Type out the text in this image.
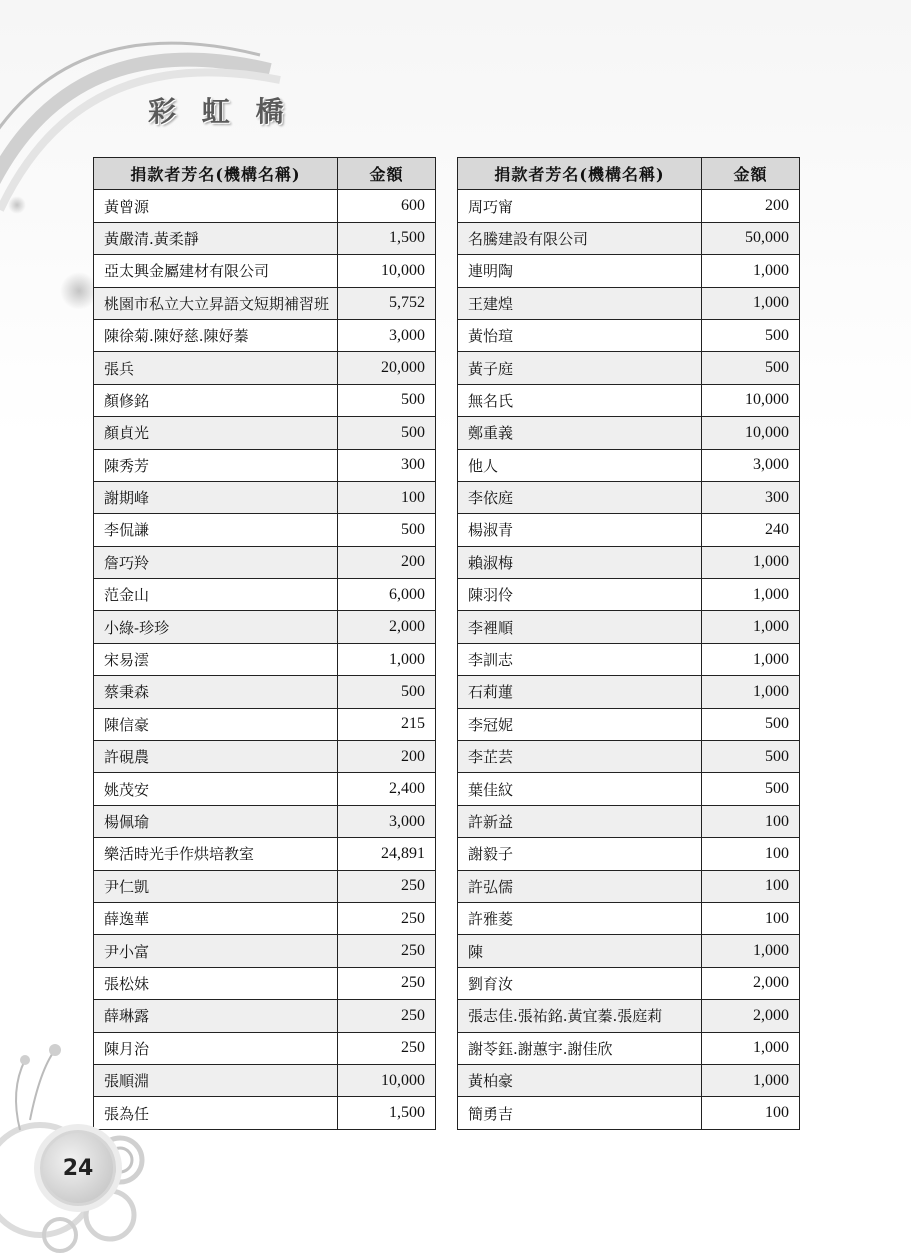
彩 虹 橋
捐款者芳名(機構名稱)	金額
黃曾源	600
黃嚴清.黃柔靜	1,500
亞太興金屬建材有限公司	10,000
桃園市私立大立昇語文短期補習班	5,752
陳徐菊.陳妤慈.陳妤蓁	3,000
張兵	20,000
顏修銘	500
顏貞光	500
陳秀芳	300
謝期峰	100
李侃謙	500
詹巧羚	200
范金山	6,000
小綠-珍珍	2,000
宋易澐	1,000
蔡秉森	500
陳信豪	215
許硯農	200
姚茂安	2,400
楊佩瑜	3,000
樂活時光手作烘培教室	24,891
尹仁凱	250
薛逸華	250
尹小富	250
張松妹	250
薛琳露	250
陳月治	250
張順淵	10,000
張為任	1,500
捐款者芳名(機構名稱)	金額
周巧甯	200
名騰建設有限公司	50,000
連明陶	1,000
王建煌	1,000
黃怡瑄	500
黃子庭	500
無名氏	10,000
鄭重義	10,000
他人	3,000
李依庭	300
楊淑青	240
賴淑梅	1,000
陳羽伶	1,000
李裡順	1,000
李訓志	1,000
石莉蓮	1,000
李冠妮	500
李芷芸	500
葉佳紋	500
許新益	100
謝毅子	100
許弘儒	100
許雅菱	100
陳	1,000
劉育汝	2,000
張志佳.張祐銘.黃宜蓁.張庭莉	2,000
謝苓鈺.謝蕙宇.謝佳欣	1,000
黃柏豪	1,000
簡勇吉	100
24
